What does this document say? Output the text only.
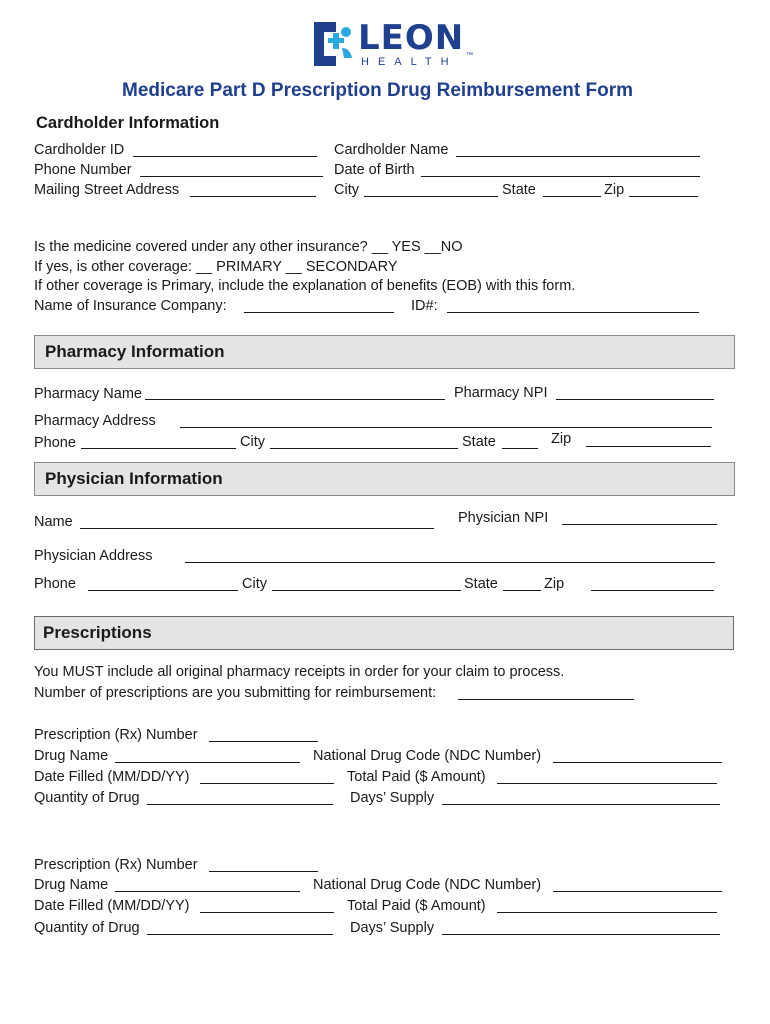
LEON
HEALTH
™
Medicare Part D Prescription Drug Reimbursement Form
Cardholder Information
Cardholder ID	Cardholder Name
Phone Number	Date of Birth
Mailing Street Address	City	State	Zip
Is the medicine covered under any other insurance? __ YES __NO
If yes, is other coverage: __ PRIMARY __ SECONDARY
If other coverage is Primary, include the explanation of benefits (EOB) with this form.
Name of Insurance Company:	ID#:
Pharmacy Information
Pharmacy Name	Pharmacy NPI
Pharmacy Address
Phone	City	State	Zip
Physician Information
Name	Physician NPI
Physician Address
Phone	City	State	Zip
Prescriptions
You MUST include all original pharmacy receipts in order for your claim to process.
Number of prescriptions are you submitting for reimbursement:
Prescription (Rx) Number
Drug Name	National Drug Code (NDC Number)
Date Filled (MM/DD/YY)	Total Paid ($ Amount)
Quantity of Drug	Days’ Supply
Prescription (Rx) Number
Drug Name	National Drug Code (NDC Number)
Date Filled (MM/DD/YY)	Total Paid ($ Amount)
Quantity of Drug	Days’ Supply
